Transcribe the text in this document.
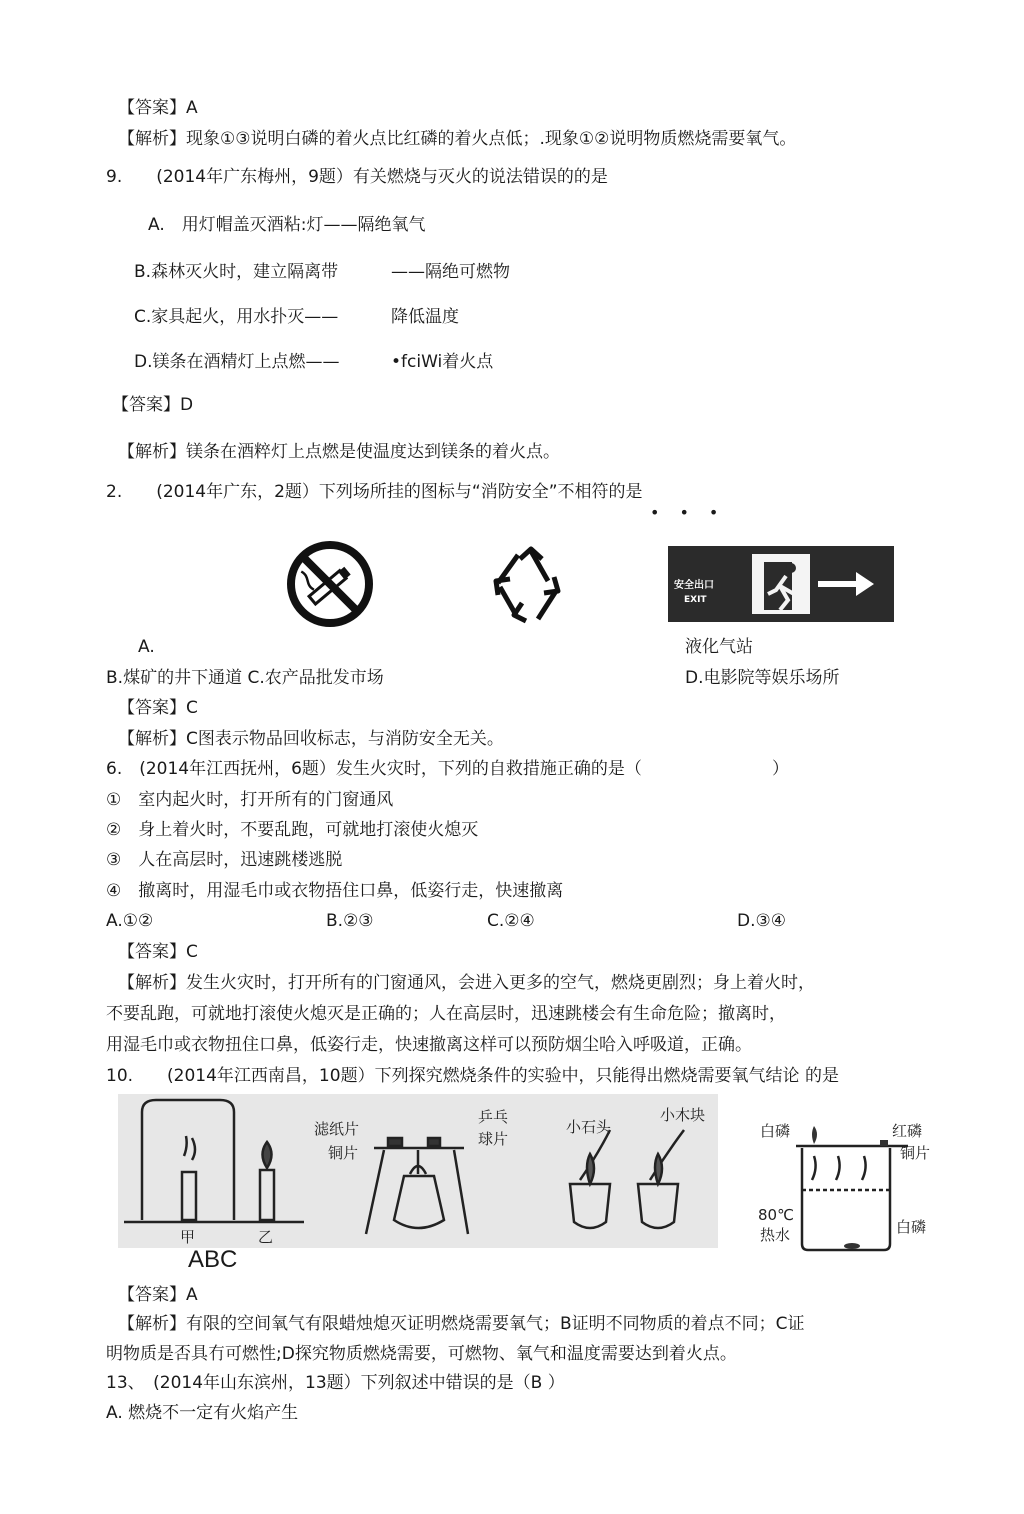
【答案】A
【解析】现象①③说明白磷的着火点比红磷的着火点低；.现象①②说明物质燃烧需要氧气。
9.　　(2014年广东梅州，9题）有关燃烧与灭火的说法错误的的是
A.　用灯帽盖灭酒粘:灯——隔绝氧气
B.森林灭火时，建立隔离带	——隔绝可燃物
C.家具起火，用水扑灭——	降低温度
D.镁条在酒精灯上点燃——	•fciWi着火点
【答案】D
【解析】镁条在酒粹灯上点燃是使温度达到镁条的着火点。
2.　　(2014年广东，2题）下列场所挂的图标与“消防安全”不相符的是
•••
安全出口
EXIT
A.	液化气站
B.煤矿的井下通道 C.农产品批发市场	D.电影院等娱乐场所
【答案】C
【解析】C图表示物品回收标志，与消防安全无关。
6.　(2014年江西抚州，6题）发生火灾时，下列的自救措施正确的是（	）
①　室内起火时，打开所有的门窗通风
②　身上着火时，不要乱跑，可就地打滚使火熄灭
③　人在高层时，迅速跳楼逃脱
④　撤离时，用湿毛巾或衣物捂住口鼻，低姿行走，快速撤离
A.①②	B.②③	C.②④	D.③④
【答案】C
【解析】发生火灾时，打开所有的门窗通风，会进入更多的空气，燃烧更剧烈；身上着火时，
不要乱跑，可就地打滚使火熄灭是正确的；人在高层时，迅速跳楼会有生命危险；撤离时，
用湿毛巾或衣物扭住口鼻，低姿行走，快速撤离这样可以预防烟尘哈入呼吸道，正确。
10.　　(2014年江西南昌，10题）下列探究燃烧条件的实验中，只能得出燃烧需要氧气结论 的是
甲	乙
滤纸片
铜片
乒乓
球片
小石头
小木块
白磷	红磷
铜片
80℃
热水	白磷
ABC
【答案】A
【解析】有限的空间氧气有限蜡烛熄灭证明燃烧需要氧气；B证明不同物质的着点不同；C证
明物质是否具冇可燃性;D探究物质燃烧需要，可燃物、氧气和温度需要达到着火点。
13、　(2014年山东滨州，13题）下列叙述中错误的是（B ）
A. 燃烧不一定有火焰产生
